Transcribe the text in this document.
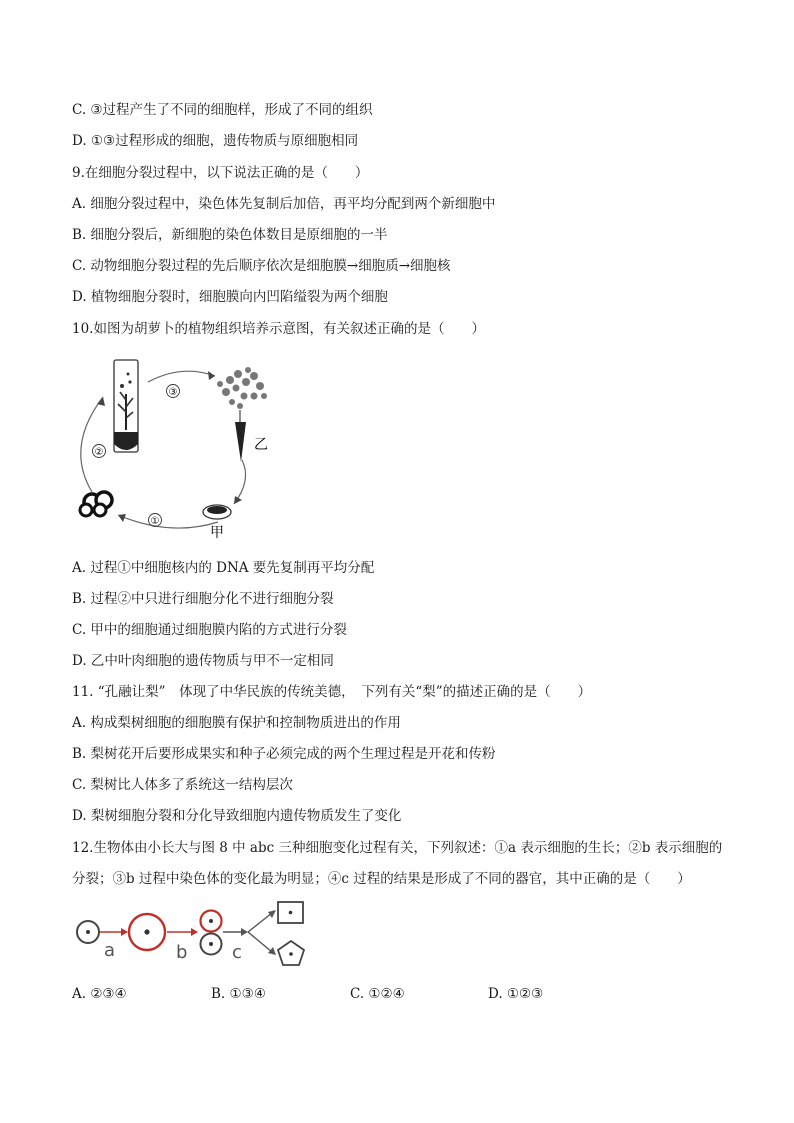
C. ③过程产生了不同的细胞样，形成了不同的组织
D. ①③过程形成的细胞，遗传物质与原细胞相同
9.在细胞分裂过程中，以下说法正确的是（　　）
A. 细胞分裂过程中，染色体先复制后加倍，再平均分配到两个新细胞中
B. 细胞分裂后，新细胞的染色体数目是原细胞的一半
C. 动物细胞分裂过程的先后顺序依次是细胞膜→细胞质→细胞核
D. 植物细胞分裂时，细胞膜向内凹陷缢裂为两个细胞
10.如图为胡萝卜的植物组织培养示意图，有关叙述正确的是（　　）
③
②
①
甲
乙
A. 过程①中细胞核内的 DNA 要先复制再平均分配
B. 过程②中只进行细胞分化不进行细胞分裂
C. 甲中的细胞通过细胞膜内陷的方式进行分裂
D. 乙中叶肉细胞的遗传物质与甲不一定相同
11. “孔融让梨”　体现了中华民族的传统美德，　下列有关“梨”的描述正确的是（　　）
A. 构成梨树细胞的细胞膜有保护和控制物质进出的作用
B. 梨树花开后要形成果实和种子必须完成的两个生理过程是开花和传粉
C. 梨树比人体多了系统这一结构层次
D. 梨树细胞分裂和分化导致细胞内遗传物质发生了变化
12.生物体由小长大与图 8 中 abc 三种细胞变化过程有关，下列叙述：①a 表示细胞的生长；②b 表示细胞的
分裂；③b 过程中染色体的变化最为明显；④c 过程的结果是形成了不同的器官，其中正确的是（　　）
a	b c
A. ②③④	B. ①③④	C. ①②④	D. ①②③
